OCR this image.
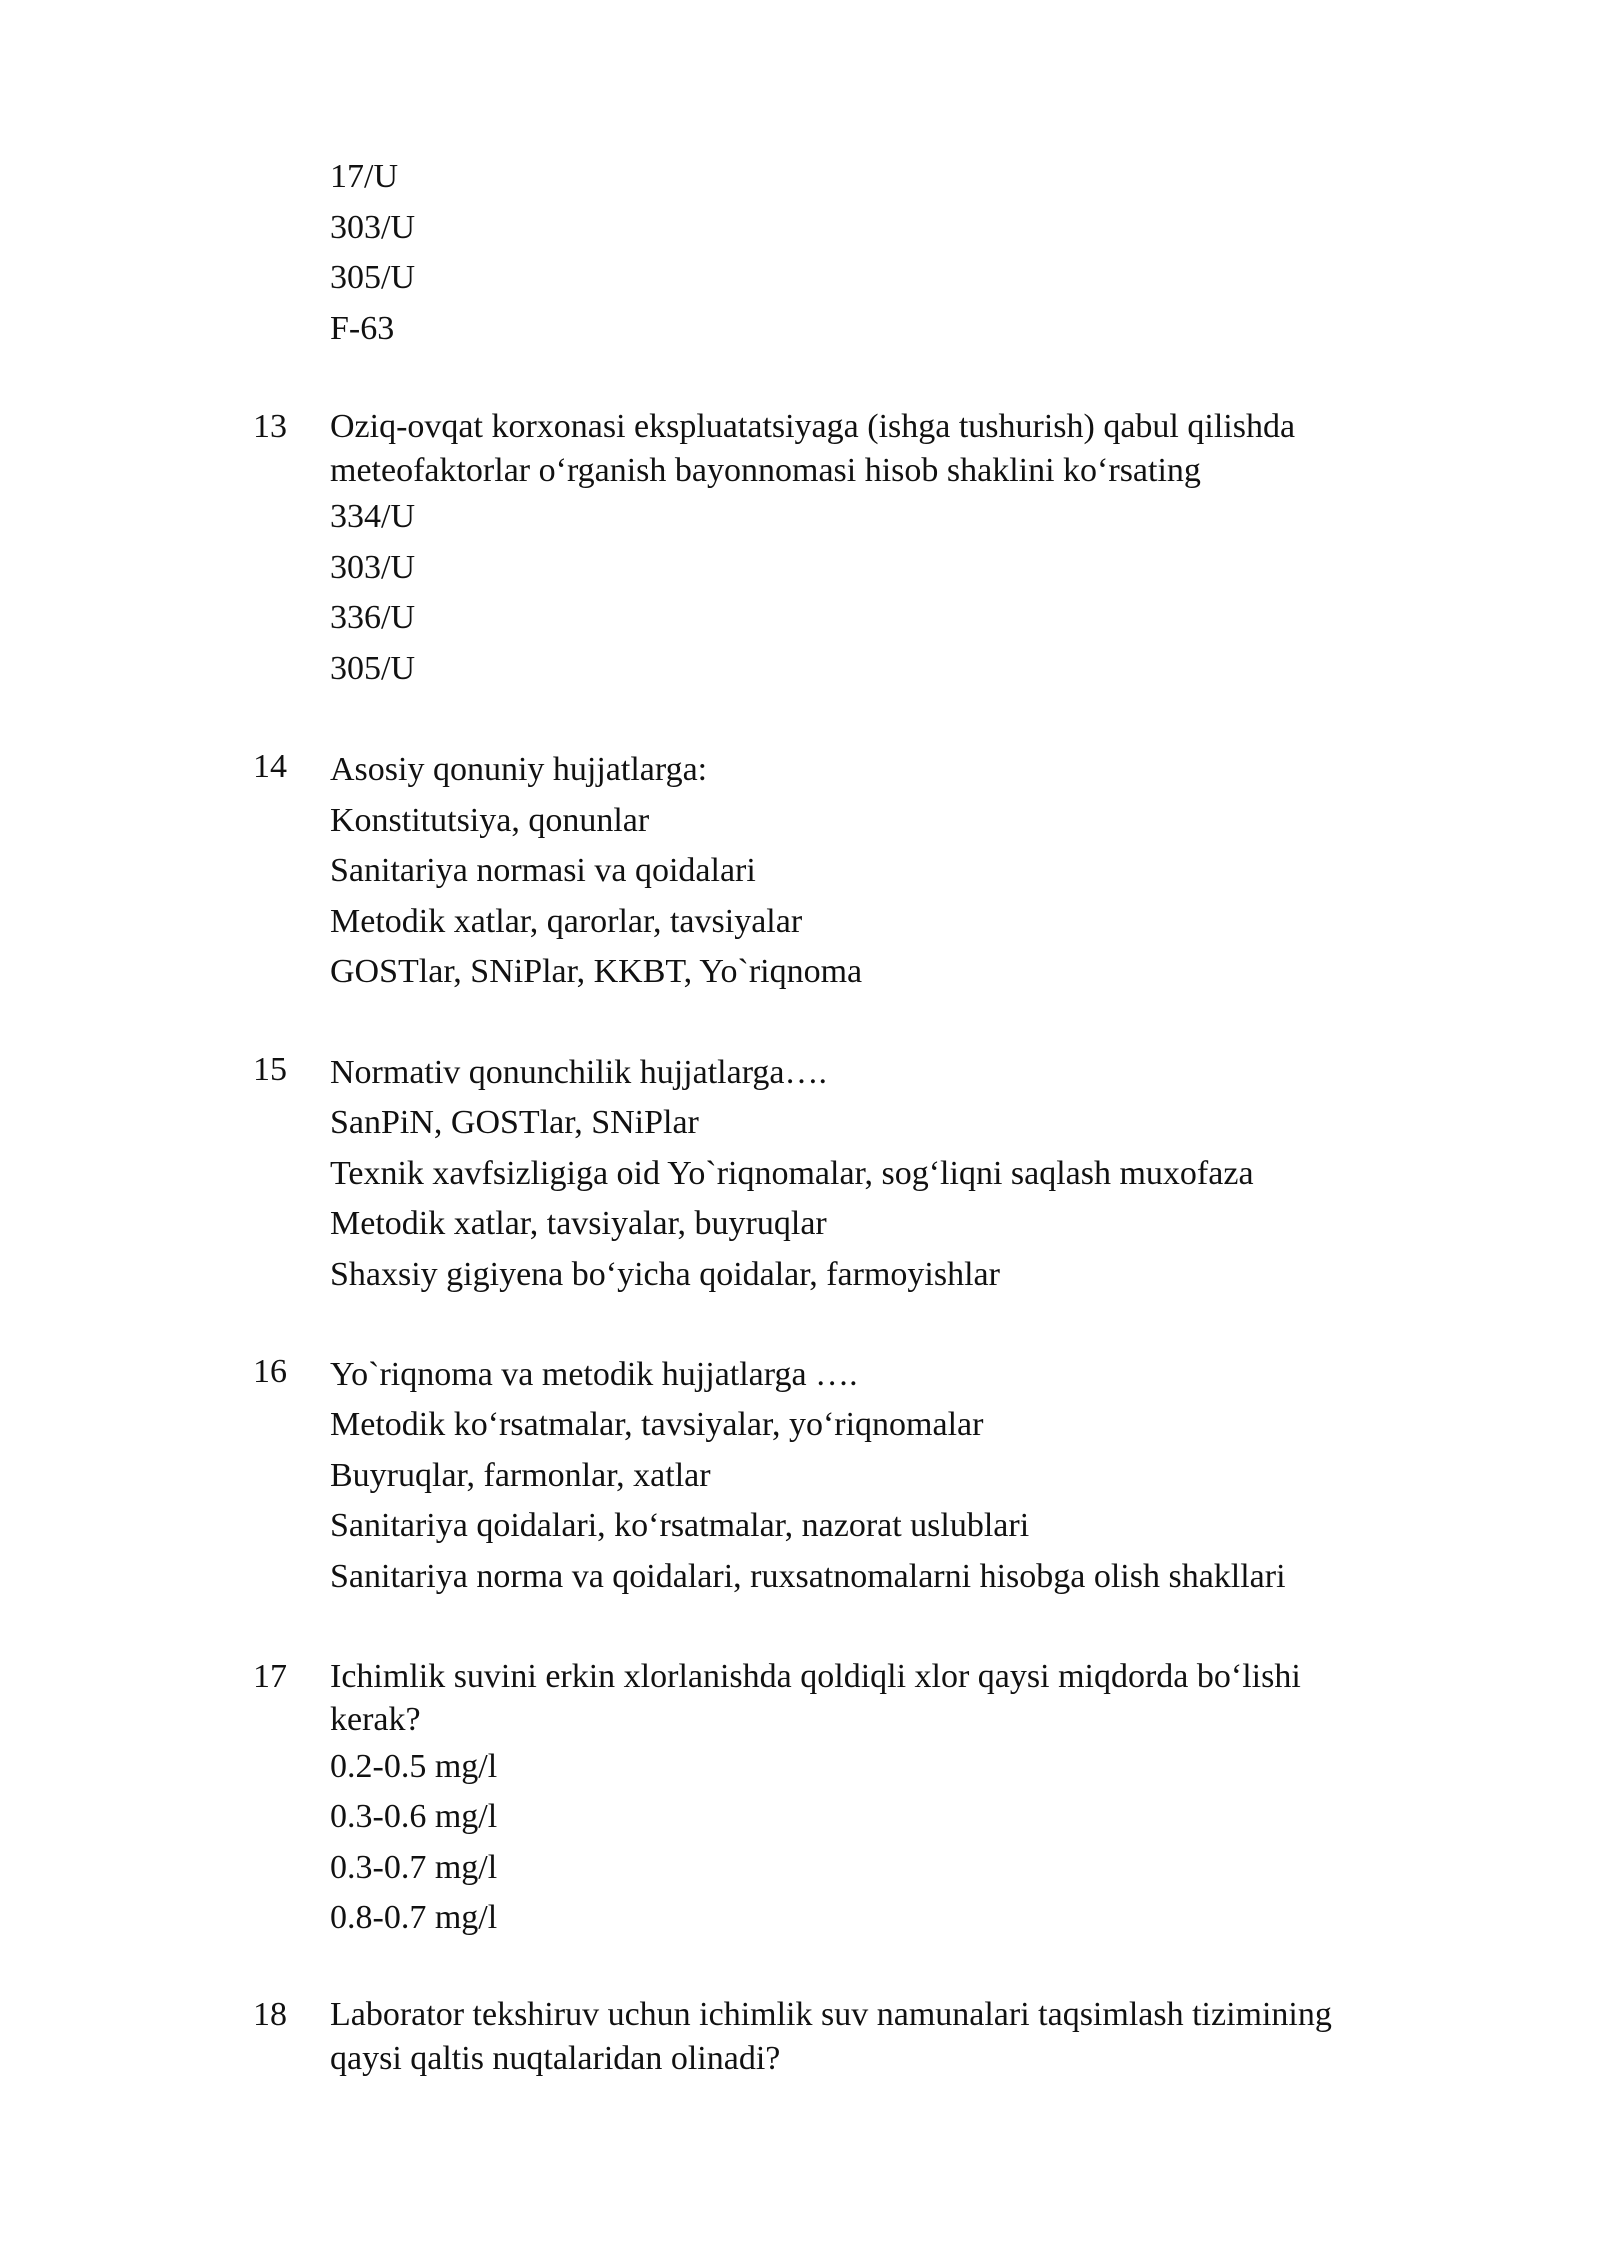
17/U
303/U
305/U
F-63
13 Oziq-ovqat korxonasi ekspluatatsiyaga (ishga tushurish) qabul qilishda
meteofaktorlar o‘rganish bayonnomasi hisob shaklini ko‘rsating
334/U
303/U
336/U
305/U
14 Asosiy qonuniy hujjatlarga:
Konstitutsiya, qonunlar
Sanitariya normasi va qoidalari
Metodik xatlar, qarorlar, tavsiyalar
GOSTlar, SNiPlar, KKBT, Yo`riqnoma
15 Normativ qonunchilik hujjatlarga….
SanPiN, GOSTlar, SNiPlar
Texnik xavfsizligiga oid Yo`riqnomalar, sog‘liqni saqlash muxofaza
Metodik xatlar, tavsiyalar, buyruqlar
Shaxsiy gigiyena bo‘yicha qoidalar, farmoyishlar
16 Yo`riqnoma va metodik hujjatlarga ….
Metodik ko‘rsatmalar, tavsiyalar, yo‘riqnomalar
Buyruqlar, farmonlar, xatlar
Sanitariya qoidalari, ko‘rsatmalar, nazorat uslublari
Sanitariya norma va qoidalari, ruxsatnomalarni hisobga olish shakllari
17 Ichimlik suvini erkin xlorlanishda qoldiqli xlor qaysi miqdorda bo‘lishi
kerak?
0.2-0.5 mg/l
0.3-0.6 mg/l
0.3-0.7 mg/l
0.8-0.7 mg/l
18 Laborator tekshiruv uchun ichimlik suv namunalari taqsimlash tizimining
qaysi qaltis nuqtalaridan olinadi?
